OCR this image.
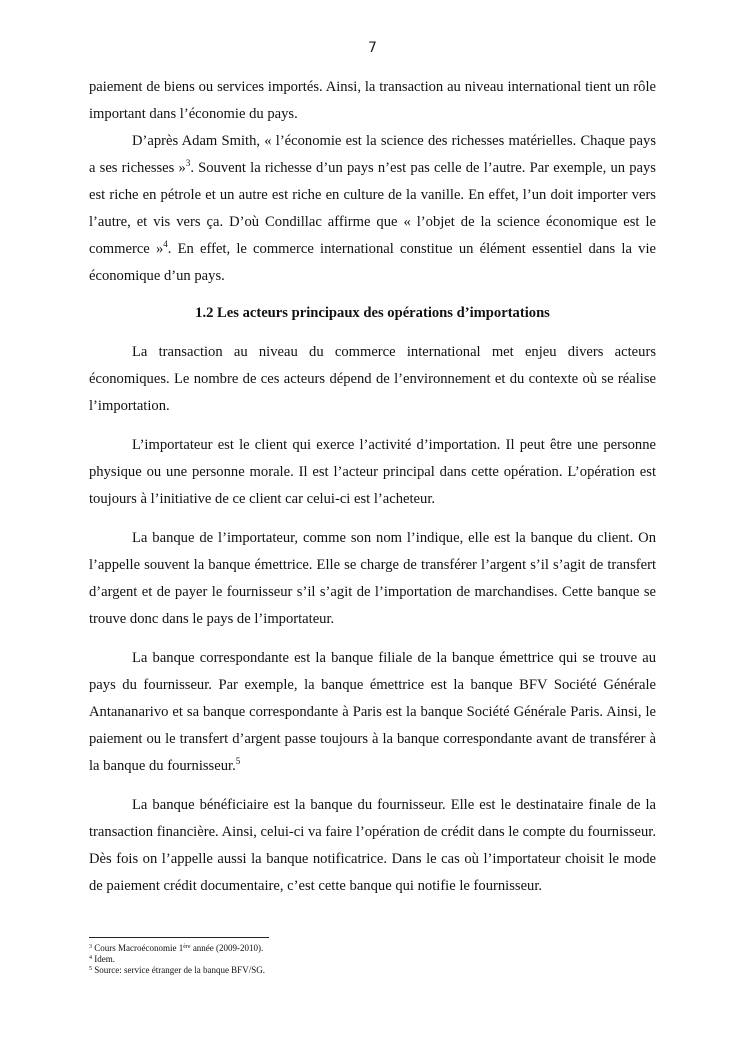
7

paiement de biens ou services importés. Ainsi, la transaction au niveau international tient un rôle important dans l’économie du pays.

D’après Adam Smith, « l’économie est la science des richesses matérielles. Chaque pays a ses richesses »$^3$. Souvent la richesse d’un pays n’est pas celle de l’autre. Par exemple, un pays est riche en pétrole et un autre est riche en culture de la vanille. En effet, l’un doit importer vers l’autre, et vis vers ça. D’où Condillac affirme que « l’objet de la science économique est le commerce »$^4$. En effet, le commerce international constitue un élément essentiel dans la vie économique d’un pays.

1.2 Les acteurs principaux des opérations d’importations

La transaction au niveau du commerce international met enjeu divers acteurs économiques. Le nombre de ces acteurs dépend de l’environnement et du contexte où se réalise l’importation.

L’importateur est le client qui exerce l’activité d’importation. Il peut être une personne physique ou une personne morale. Il est l’acteur principal dans cette opération. L’opération est toujours à l’initiative de ce client car celui-ci est l’acheteur.

La banque de l’importateur, comme son nom l’indique, elle est la banque du client. On l’appelle souvent la banque émettrice. Elle se charge de transférer l’argent s’il s’agit de transfert d’argent et de payer le fournisseur s’il s’agit de l’importation de marchandises. Cette banque se trouve donc dans le pays de l’importateur.

La banque correspondante est la banque filiale de la banque émettrice qui se trouve au pays du fournisseur. Par exemple, la banque émettrice est la banque BFV Société Générale Antananarivo et sa banque correspondante à Paris est la banque Société Générale Paris. Ainsi, le paiement ou le transfert d’argent passe toujours à la banque correspondante avant de transférer à la banque du fournisseur.$^5$

La banque bénéficiaire est la banque du fournisseur. Elle est le destinataire finale de la transaction financière. Ainsi, celui-ci va faire l’opération de crédit dans le compte du fournisseur. Dès fois on l’appelle aussi la banque notificatrice. Dans le cas où l’importateur choisit le mode de paiement crédit documentaire, c’est cette banque qui notifie le fournisseur.

$^3$ Cours Macroéconomie 1ère année (2009-2010).

$^4$ Idem.

$^5$ Source: service étranger de la banque BFV/SG.
